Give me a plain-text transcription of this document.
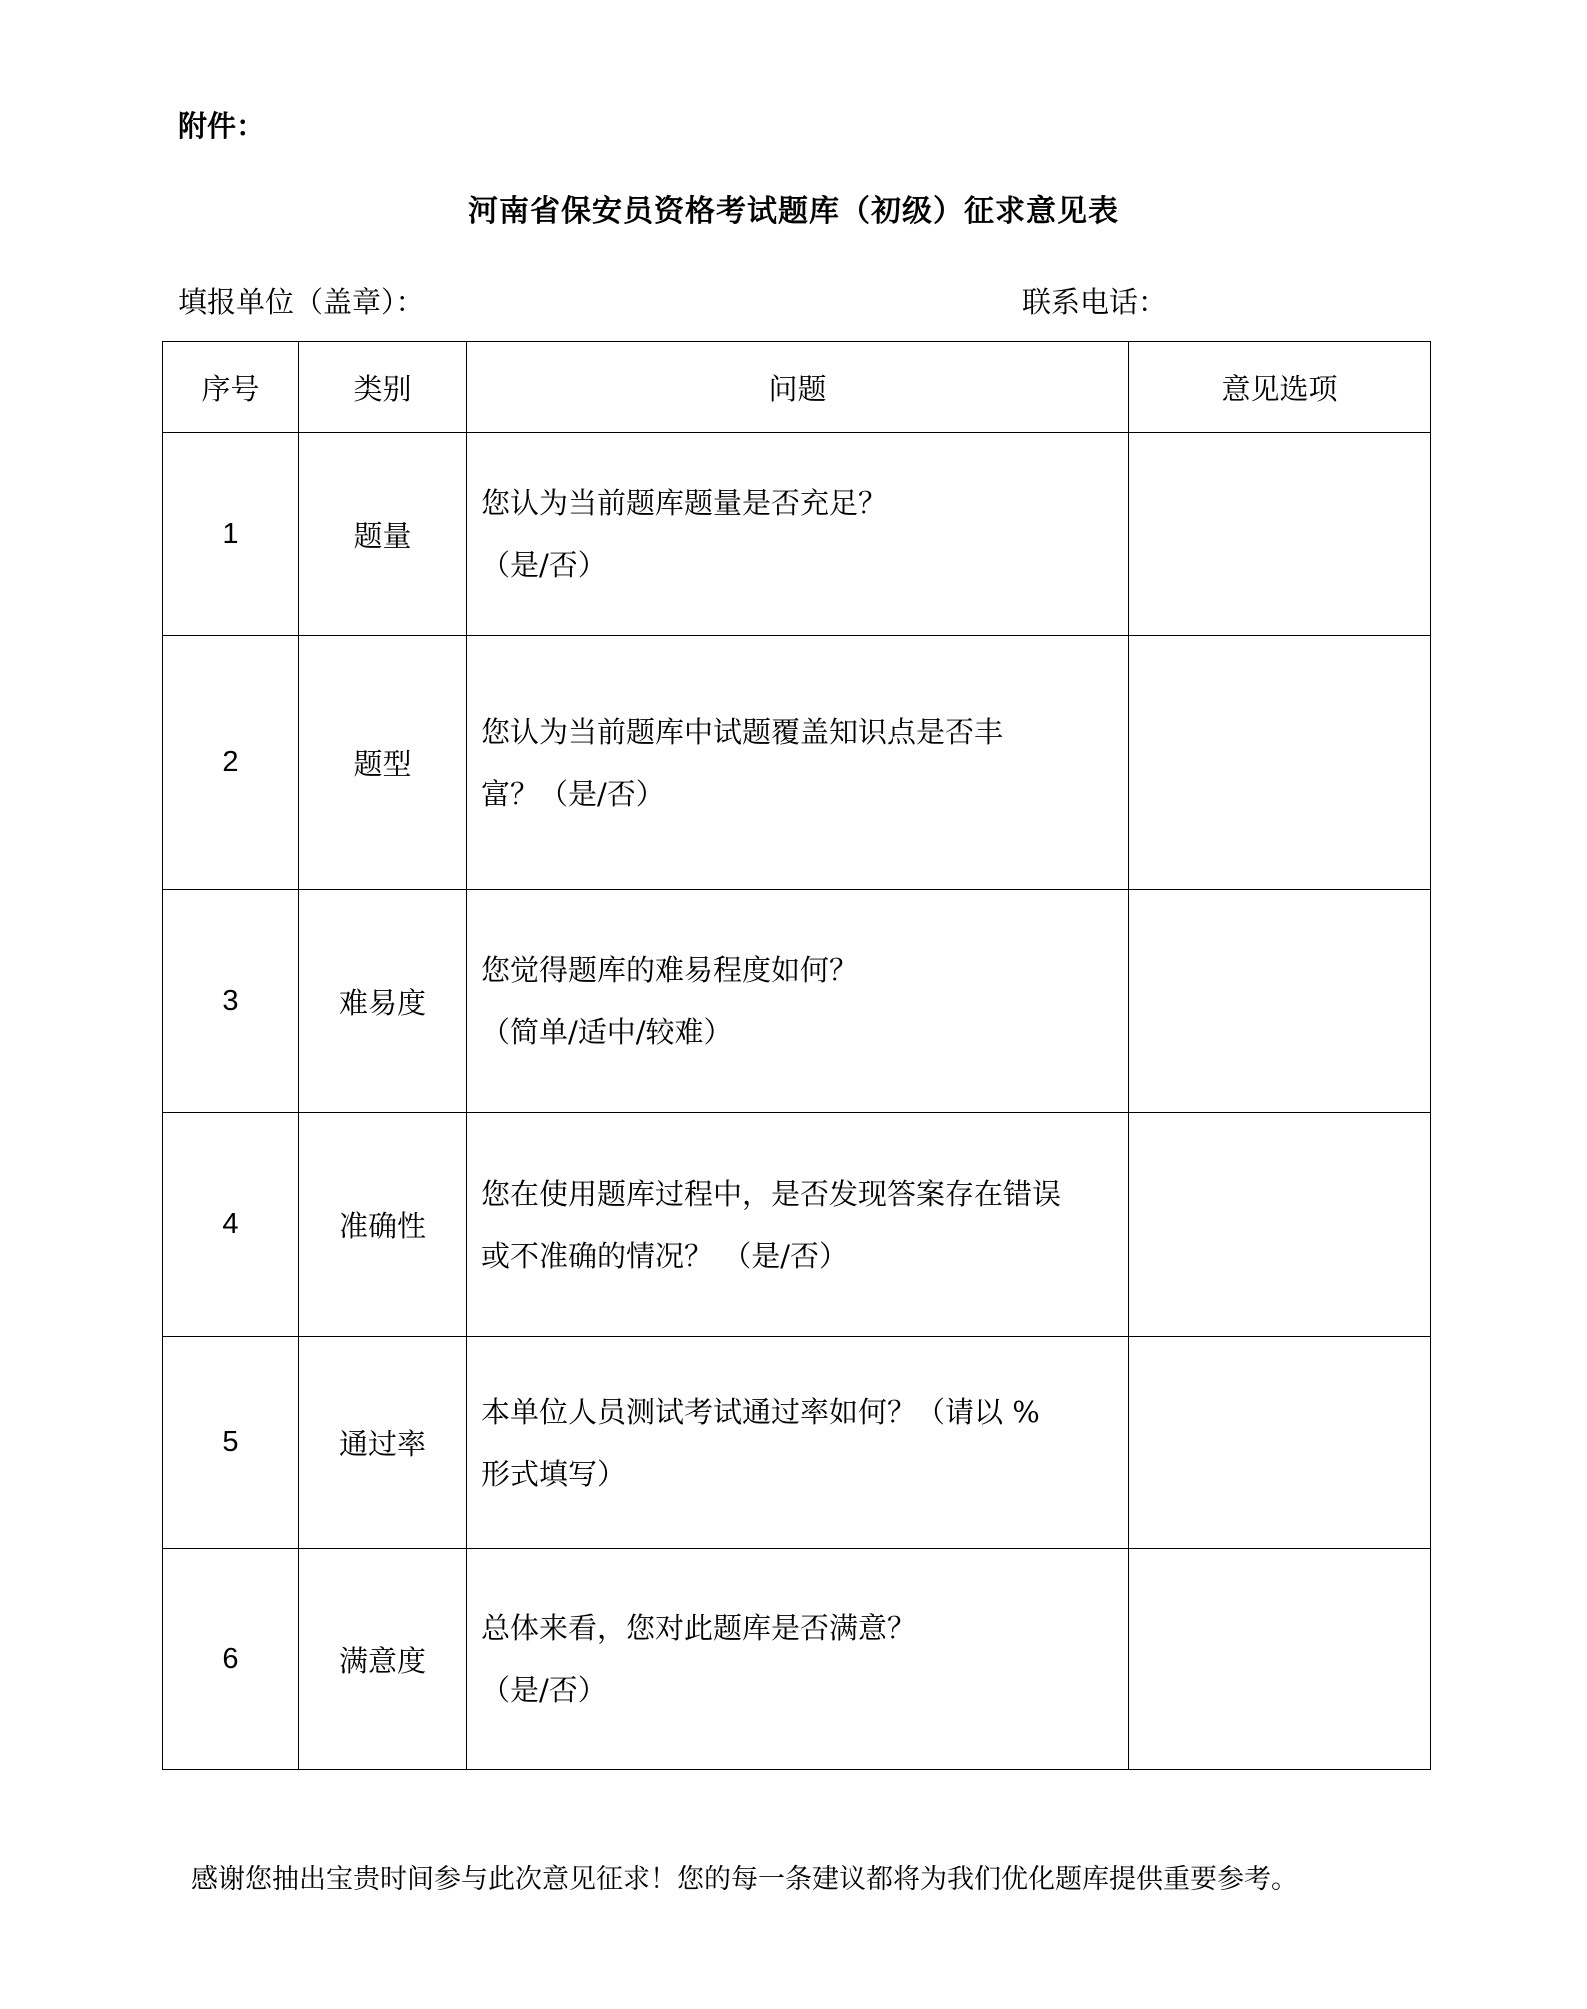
附件：
河南省保安员资格考试题库（初级）征求意见表
填报单位（盖章）：	联系电话：
序号	类别	问题	意见选项
1	题量	您认为当前题库题量是否充足？
（是/否）	

2	题型	您认为当前题库中试题覆盖知识点是否丰
富？（是/否）	

3	难易度	您觉得题库的难易程度如何？
（简单/适中/较难）	

4	准确性	您在使用题库过程中，是否发现答案存在错误
或不准确的情况？ （是/否）	

5	通过率	本单位人员测试考试通过率如何？（请以 %
形式填写）	

6	满意度	总体来看，您对此题库是否满意？
（是/否）	

感谢您抽出宝贵时间参与此次意见征求！您的每一条建议都将为我们优化题库提供重要参考。
